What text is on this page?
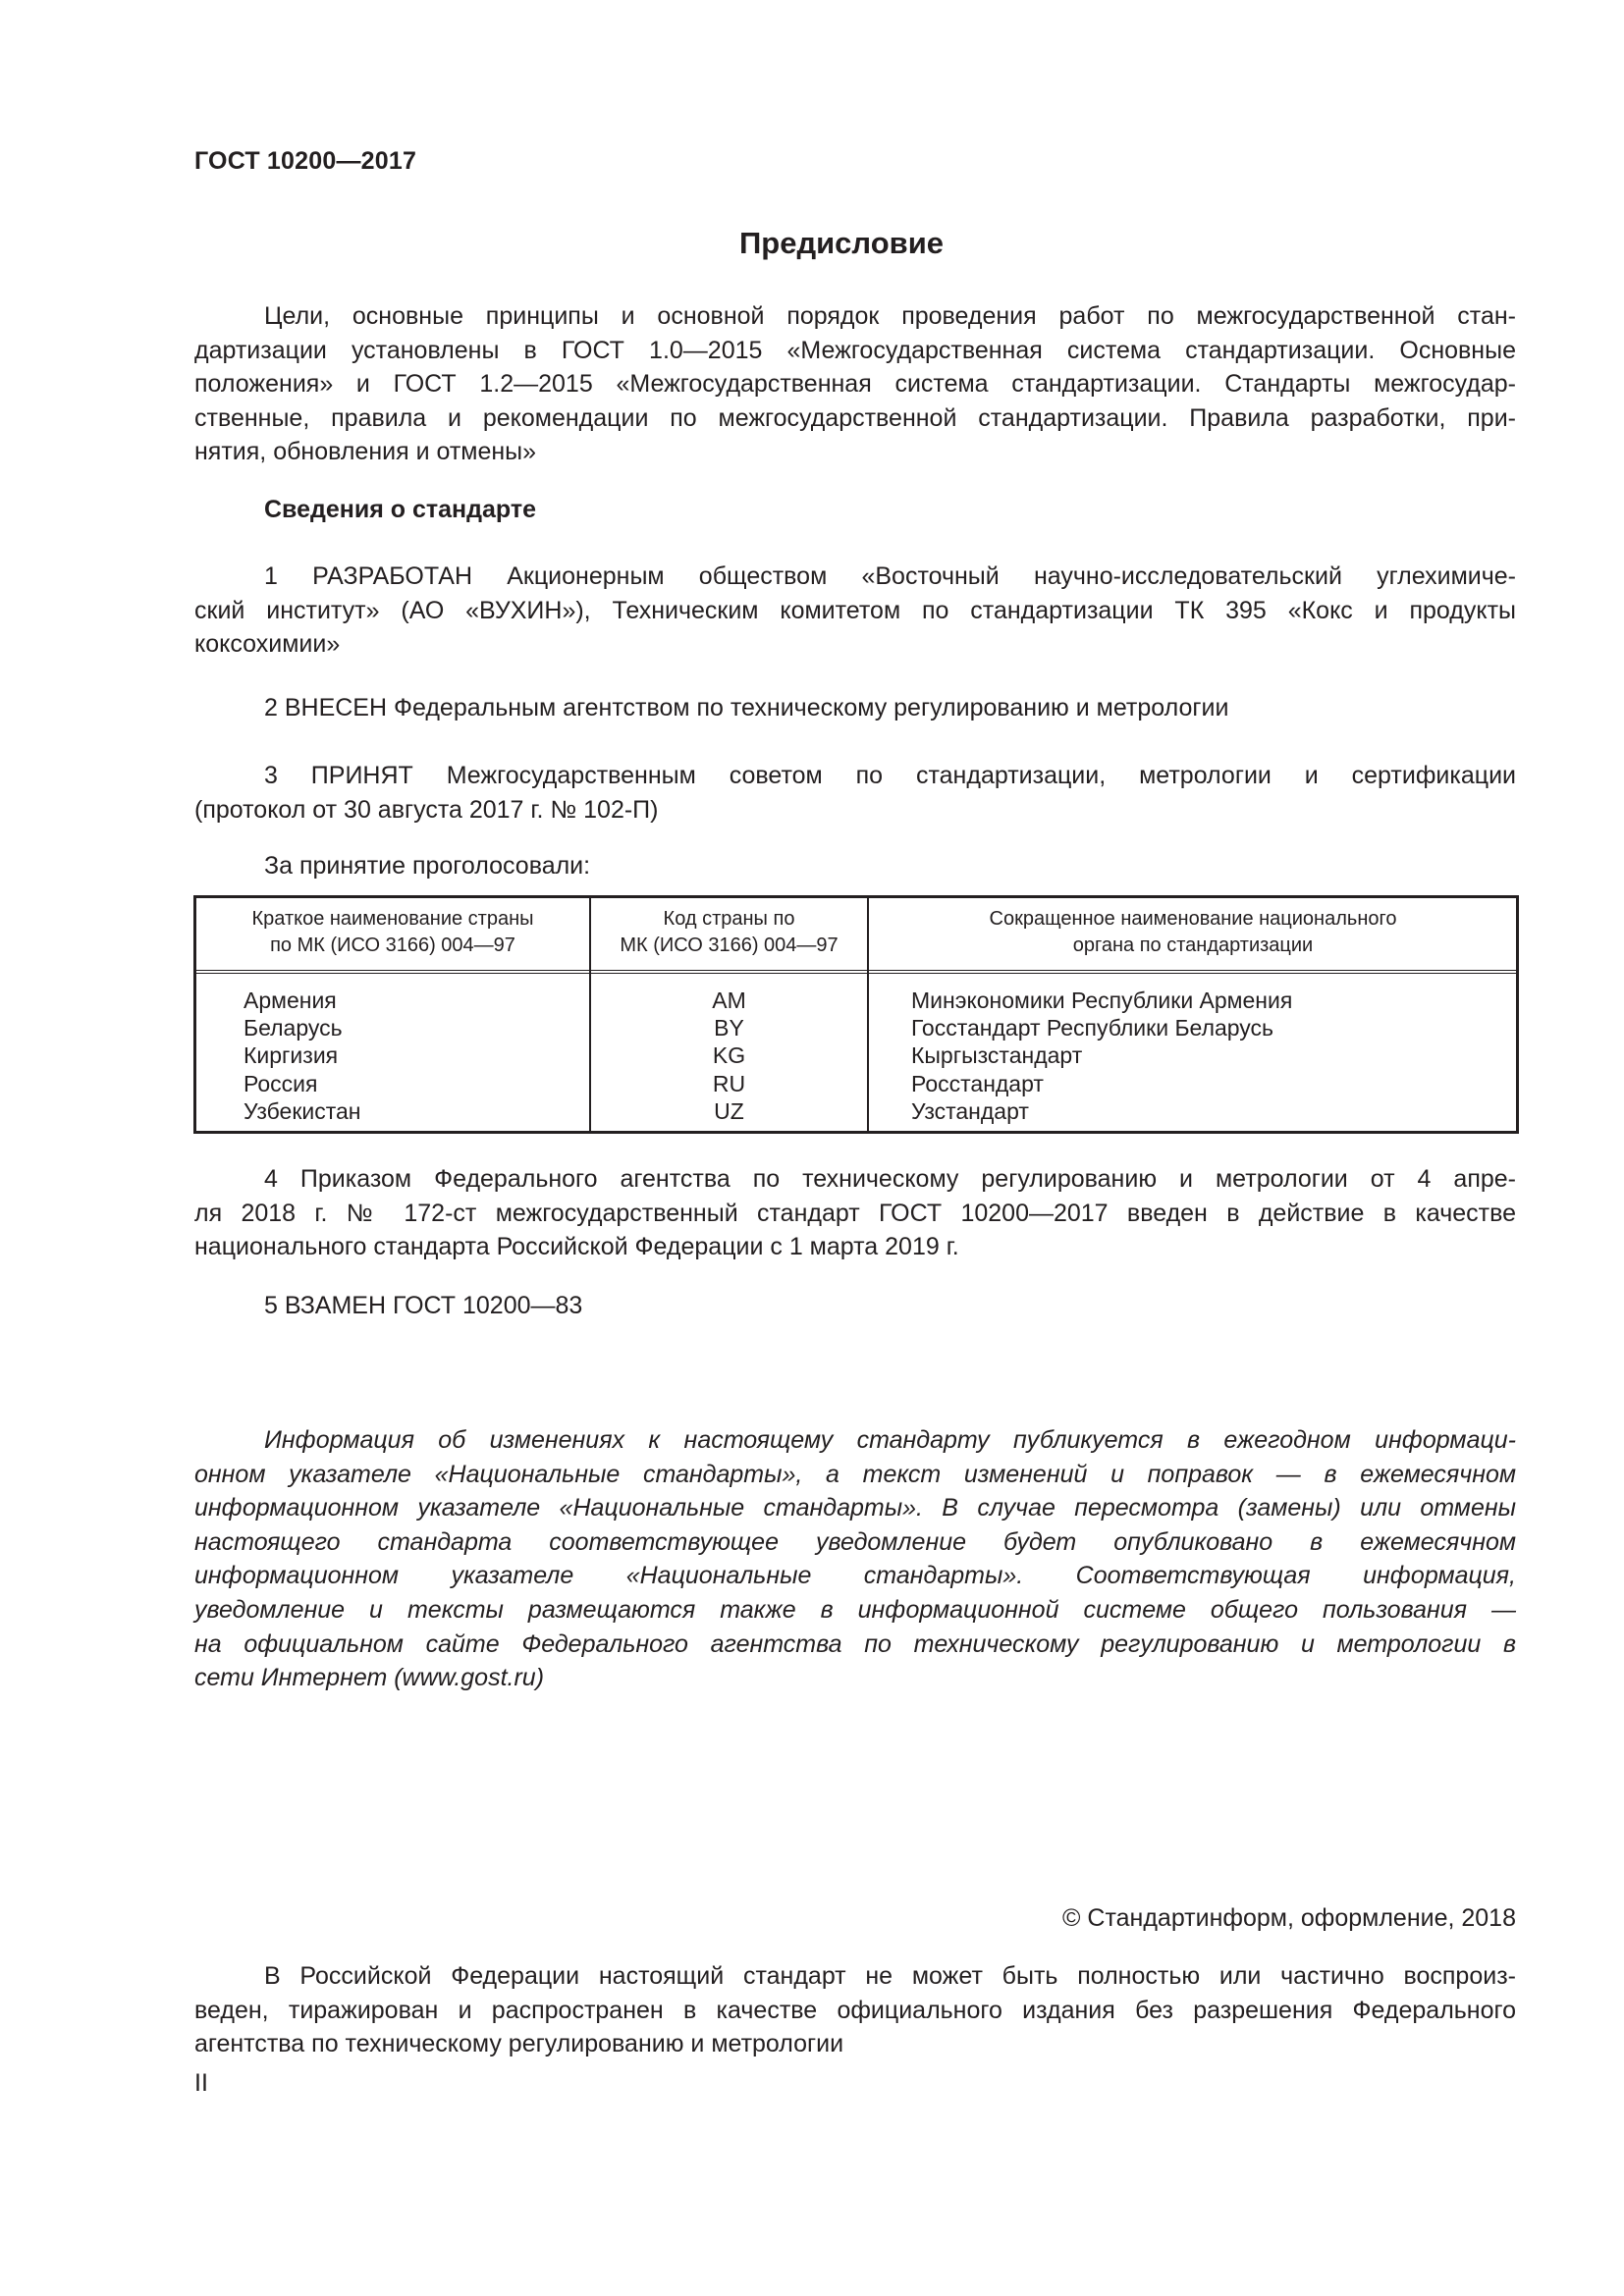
ГОСТ 10200—2017
Предисловие
Цели, основные принципы и основной порядок проведения работ по межгосударственной стан-
дартизации установлены в ГОСТ 1.0—2015 «Межгосударственная система стандартизации. Основные
положения» и ГОСТ 1.2—2015 «Межгосударственная система стандартизации. Стандарты межгосудар-
ственные, правила и рекомендации по межгосударственной стандартизации. Правила разработки, при-
нятия, обновления и отмены»
Сведения о стандарте
1 РАЗРАБОТАН Акционерным обществом «Восточный научно-исследовательский углехимиче-
ский институт» (АО «ВУХИН»), Техническим комитетом по стандартизации ТК 395 «Кокс и продукты
коксохимии»
2 ВНЕСЕН Федеральным агентством по техническому регулированию и метрологии
3 ПРИНЯТ Межгосударственным советом по стандартизации, метрологии и сертификации
(протокол от 30 августа 2017 г. № 102-П)
За принятие проголосовали:
Краткое наименование страны
по МК (ИСО 3166) 004—97
Код страны по
МК (ИСО 3166) 004—97
Сокращенное наименование национального
органа по стандартизации
Армения
Беларусь
Киргизия
Россия
Узбекистан
AM
BY
KG
RU
UZ
Минэкономики Республики Армения
Госстандарт Республики Беларусь
Кыргызстандарт
Росстандарт
Узстандарт
4 Приказом Федерального агентства по техническому регулированию и метрологии от 4 апре-
ля 2018 г. № 172-ст межгосударственный стандарт ГОСТ 10200—2017 введен в действие в качестве
национального стандарта Российской Федерации с 1 марта 2019 г.
5 ВЗАМЕН ГОСТ 10200—83
Информация об изменениях к настоящему стандарту публикуется в ежегодном информаци-
онном указателе «Национальные стандарты», а текст изменений и поправок — в ежемесячном
информационном указателе «Национальные стандарты». В случае пересмотра (замены) или отмены
настоящего стандарта соответствующее уведомление будет опубликовано в ежемесячном
информационном указателе «Национальные стандарты». Соответствующая информация,
уведомление и тексты размещаются также в информационной системе общего пользования —
на официальном сайте Федерального агентства по техническому регулированию и метрологии в
сети Интернет (www.gost.ru)
© Стандартинформ, оформление, 2018
В Российской Федерации настоящий стандарт не может быть полностью или частично воспроиз-
веден, тиражирован и распространен в качестве официального издания без разрешения Федерального
агентства по техническому регулированию и метрологии
II
